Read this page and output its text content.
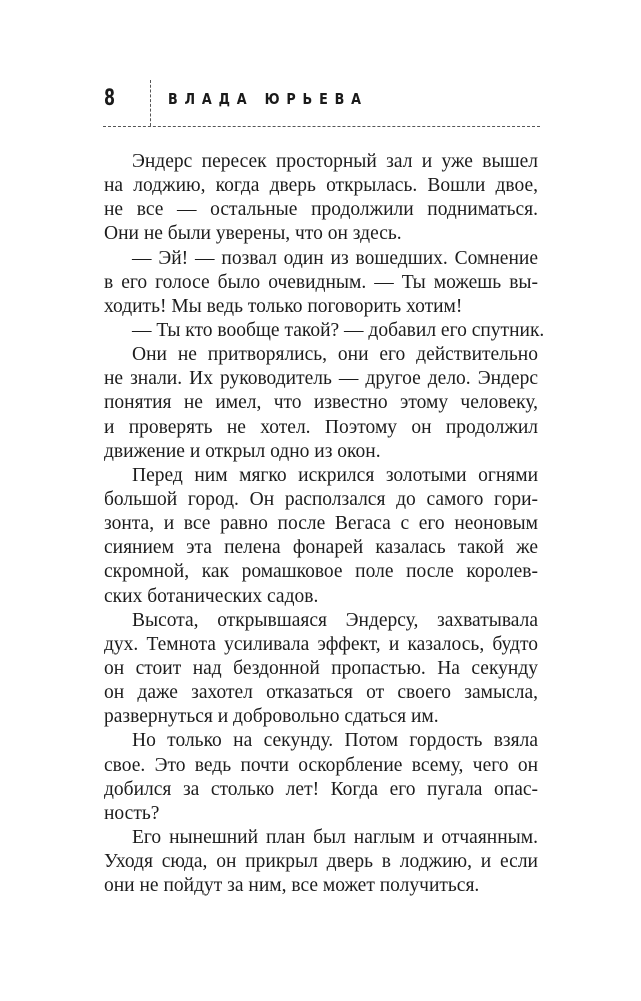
8	ВЛАДА ЮРЬЕВА
Эндерс пересек просторный зал и уже вышел
на лоджию, когда дверь открылась. Вошли двое,
не все — остальные продолжили подниматься.
Они не были уверены, что он здесь.
— Эй! — позвал один из вошедших. Сомнение
в его голосе было очевидным. — Ты можешь вы-
ходить! Мы ведь только поговорить хотим!
— Ты кто вообще такой? — добавил его спутник.
Они не притворялись, они его действительно
не знали. Их руководитель — другое дело. Эндерс
понятия не имел, что известно этому человеку,
и проверять не хотел. Поэтому он продолжил
движение и открыл одно из окон.
Перед ним мягко искрился золотыми огнями
большой город. Он расползался до самого гори-
зонта, и все равно после Вегаса с его неоновым
сиянием эта пелена фонарей казалась такой же
скромной, как ромашковое поле после королев-
ских ботанических садов.
Высота, открывшаяся Эндерсу, захватывала
дух. Темнота усиливала эффект, и казалось, будто
он стоит над бездонной пропастью. На секунду
он даже захотел отказаться от своего замысла,
развернуться и добровольно сдаться им.
Но только на секунду. Потом гордость взяла
свое. Это ведь почти оскорбление всему, чего он
добился за столько лет! Когда его пугала опас-
ность?
Его нынешний план был наглым и отчаянным.
Уходя сюда, он прикрыл дверь в лоджию, и если
они не пойдут за ним, все может получиться.
